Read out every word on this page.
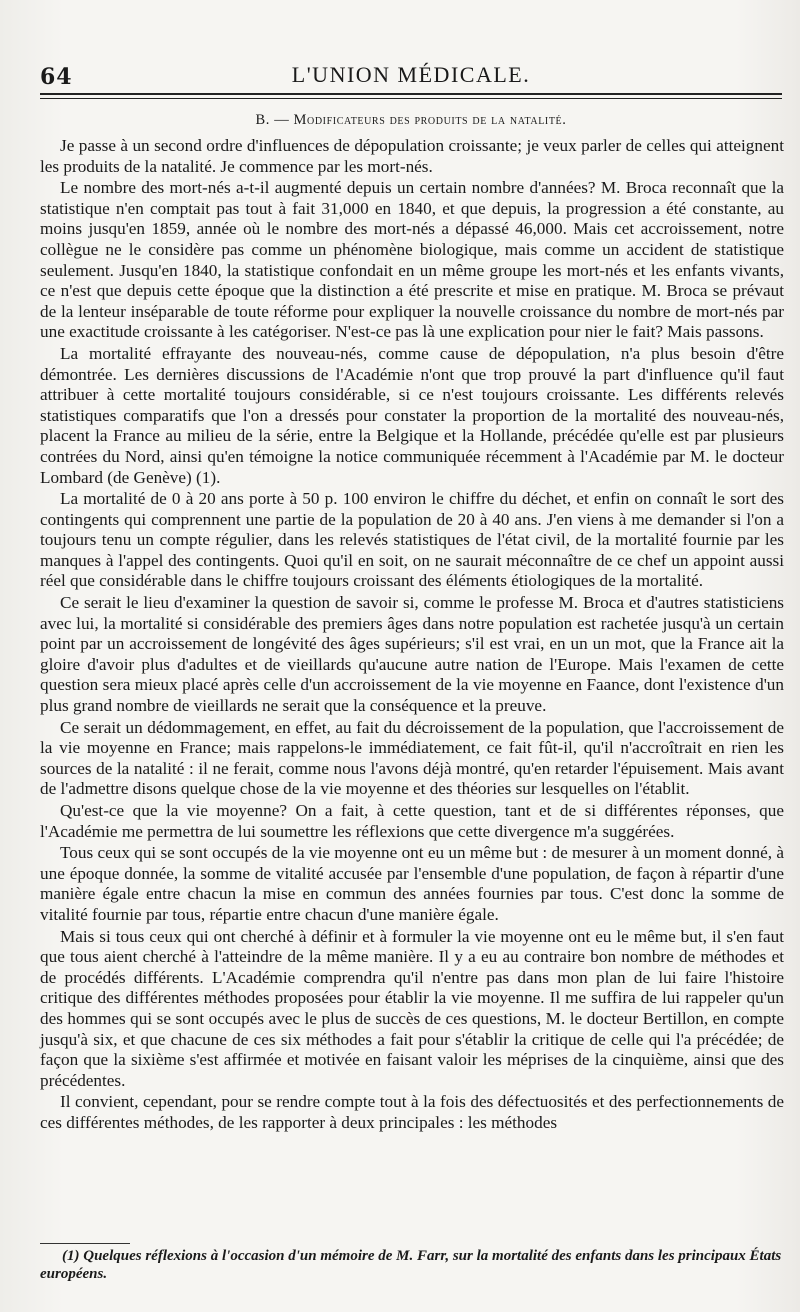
64	L'UNION MÉDICALE.
B. — Modificateurs des produits de la natalité.

Je passe à un second ordre d'influences de dépopulation croissante; je veux parler de celles qui atteignent les produits de la natalité. Je commence par les mort-nés.

Le nombre des mort-nés a-t-il augmenté depuis un certain nombre d'années? M. Broca reconnaît que la statistique n'en comptait pas tout à fait 31,000 en 1840, et que depuis, la progression a été constante, au moins jusqu'en 1859, année où le nombre des mort-nés a dépassé 46,000. Mais cet accroissement, notre collègue ne le considère pas comme un phénomène biologique, mais comme un accident de statistique seulement. Jusqu'en 1840, la statistique confondait en un même groupe les mort-nés et les enfants vivants, ce n'est que depuis cette époque que la distinction a été prescrite et mise en pratique. M. Broca se prévaut de la lenteur inséparable de toute réforme pour expliquer la nouvelle croissance du nombre de mort-nés par une exactitude croissante à les catégoriser. N'est-ce pas là une explication pour nier le fait? Mais passons.

La mortalité effrayante des nouveau-nés, comme cause de dépopulation, n'a plus besoin d'être démontrée. Les dernières discussions de l'Académie n'ont que trop prouvé la part d'influence qu'il faut attribuer à cette mortalité toujours considérable, si ce n'est toujours croissante. Les différents relevés statistiques comparatifs que l'on a dressés pour constater la proportion de la mortalité des nouveau-nés, placent la France au milieu de la série, entre la Belgique et la Hollande, précédée qu'elle est par plusieurs contrées du Nord, ainsi qu'en témoigne la notice communiquée récemment à l'Académie par M. le docteur Lombard (de Genève) (1).

La mortalité de 0 à 20 ans porte à 50 p. 100 environ le chiffre du déchet, et enfin on connaît le sort des contingents qui comprennent une partie de la population de 20 à 40 ans. J'en viens à me demander si l'on a toujours tenu un compte régulier, dans les relevés statistiques de l'état civil, de la mortalité fournie par les manques à l'appel des contingents. Quoi qu'il en soit, on ne saurait méconnaître de ce chef un appoint aussi réel que considérable dans le chiffre toujours croissant des éléments étiologiques de la mortalité.

Ce serait le lieu d'examiner la question de savoir si, comme le professe M. Broca et d'autres statisticiens avec lui, la mortalité si considérable des premiers âges dans notre population est rachetée jusqu'à un certain point par un accroissement de longévité des âges supérieurs; s'il est vrai, en un un mot, que la France ait la gloire d'avoir plus d'adultes et de vieillards qu'aucune autre nation de l'Europe. Mais l'examen de cette question sera mieux placé après celle d'un accroissement de la vie moyenne en Faance, dont l'existence d'un plus grand nombre de vieillards ne serait que la conséquence et la preuve.

Ce serait un dédommagement, en effet, au fait du décroissement de la population, que l'accroissement de la vie moyenne en France; mais rappelons-le immédiatement, ce fait fût-il, qu'il n'accroîtrait en rien les sources de la natalité : il ne ferait, comme nous l'avons déjà montré, qu'en retarder l'épuisement. Mais avant de l'admettre disons quelque chose de la vie moyenne et des théories sur lesquelles on l'établit.

Qu'est-ce que la vie moyenne? On a fait, à cette question, tant et de si différentes réponses, que l'Académie me permettra de lui soumettre les réflexions que cette divergence m'a suggérées.

Tous ceux qui se sont occupés de la vie moyenne ont eu un même but : de mesurer à un moment donné, à une époque donnée, la somme de vitalité accusée par l'ensemble d'une population, de façon à répartir d'une manière égale entre chacun la mise en commun des années fournies par tous. C'est donc la somme de vitalité fournie par tous, répartie entre chacun d'une manière égale.

Mais si tous ceux qui ont cherché à définir et à formuler la vie moyenne ont eu le même but, il s'en faut que tous aient cherché à l'atteindre de la même manière. Il y a eu au contraire bon nombre de méthodes et de procédés différents. L'Académie comprendra qu'il n'entre pas dans mon plan de lui faire l'histoire critique des différentes méthodes proposées pour établir la vie moyenne. Il me suffira de lui rappeler qu'un des hommes qui se sont occupés avec le plus de succès de ces questions, M. le docteur Bertillon, en compte jusqu'à six, et que chacune de ces six méthodes a fait pour s'établir la critique de celle qui l'a précédée; de façon que la sixième s'est affirmée et motivée en faisant valoir les méprises de la cinquième, ainsi que des précédentes.

Il convient, cependant, pour se rendre compte tout à la fois des défectuosités et des perfectionnements de ces différentes méthodes, de les rapporter à deux principales : les méthodes

(1) Quelques réflexions à l'occasion d'un mémoire de M. Farr, sur la mortalité des enfants dans les principaux États européens.
